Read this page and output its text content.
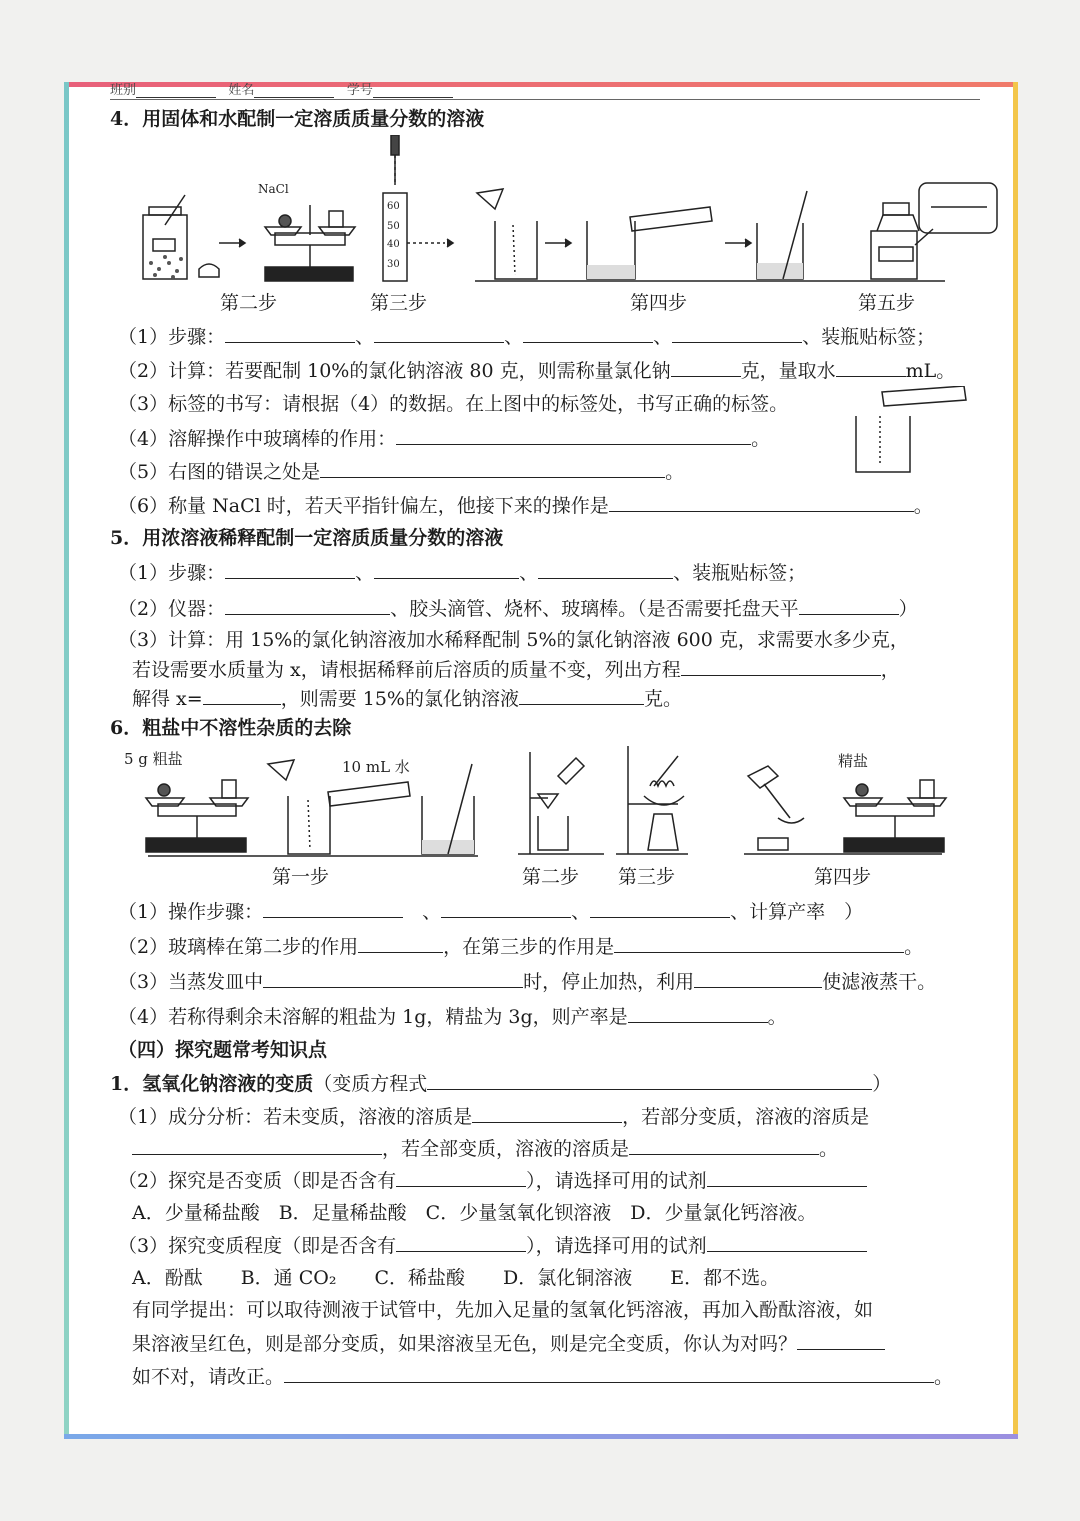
班别	姓名	学号
4．用固体和水配制一定溶质质量分数的溶液
60
50
40
30
NaCl
第二步	第三步	第四步	第五步
（1）步骤：	、	、	、	、装瓶贴标签；
（2）计算：若要配制 10%的氯化钠溶液 80 克，则需称量氯化钠	克，量取水	mL。
（3）标签的书写：请根据（4）的数据。在上图中的标签处，书写正确的标签。
（4）溶解操作中玻璃棒的作用：	。
（5）右图的错误之处是	。
（6）称量 NaCl 时，若天平指针偏左，他接下来的操作是	。
5．用浓溶液稀释配制一定溶质质量分数的溶液
（1）步骤：	、	、	、装瓶贴标签；
（2）仪器：	、胶头滴管、烧杯、玻璃棒。（是否需要托盘天平	）
（3）计算：用 15%的氯化钠溶液加水稀释配制 5%的氯化钠溶液 600 克，求需要水多少克，
若设需要水质量为 x，请根据稀释前后溶质的质量不变，列出方程	，
解得 x=	，则需要 15%的氯化钠溶液	克。
6．粗盐中不溶性杂质的去除
5 g 粗盐	10 mL 水	精盐
第一步	第二步 第三步	第四步
（1）操作步骤：	　、	、	、计算产率　）
（2）玻璃棒在第二步的作用	，在第三步的作用是	。
（3）当蒸发皿中	时，停止加热，利用	使滤液蒸干。
（4）若称得剩余未溶解的粗盐为 1g，精盐为 3g，则产率是	。
（四）探究题常考知识点
1．氢氧化钠溶液的变质（变质方程式	）
（1）成分分析：若未变质，溶液的溶质是	，若部分变质，溶液的溶质是
，若全部变质，溶液的溶质是	。
（2）探究是否变质（即是否含有	），请选择可用的试剂
A．少量稀盐酸　B．足量稀盐酸　C．少量氢氧化钡溶液　D．少量氯化钙溶液。
（3）探究变质程度（即是否含有	），请选择可用的试剂
A．酚酞　　B．通 CO₂　　C．稀盐酸　　D．氯化铜溶液　　E．都不选。
有同学提出：可以取待测液于试管中，先加入足量的氢氧化钙溶液，再加入酚酞溶液，如
果溶液呈红色，则是部分变质，如果溶液呈无色，则是完全变质，你认为对吗？
如不对，请改正。	。
